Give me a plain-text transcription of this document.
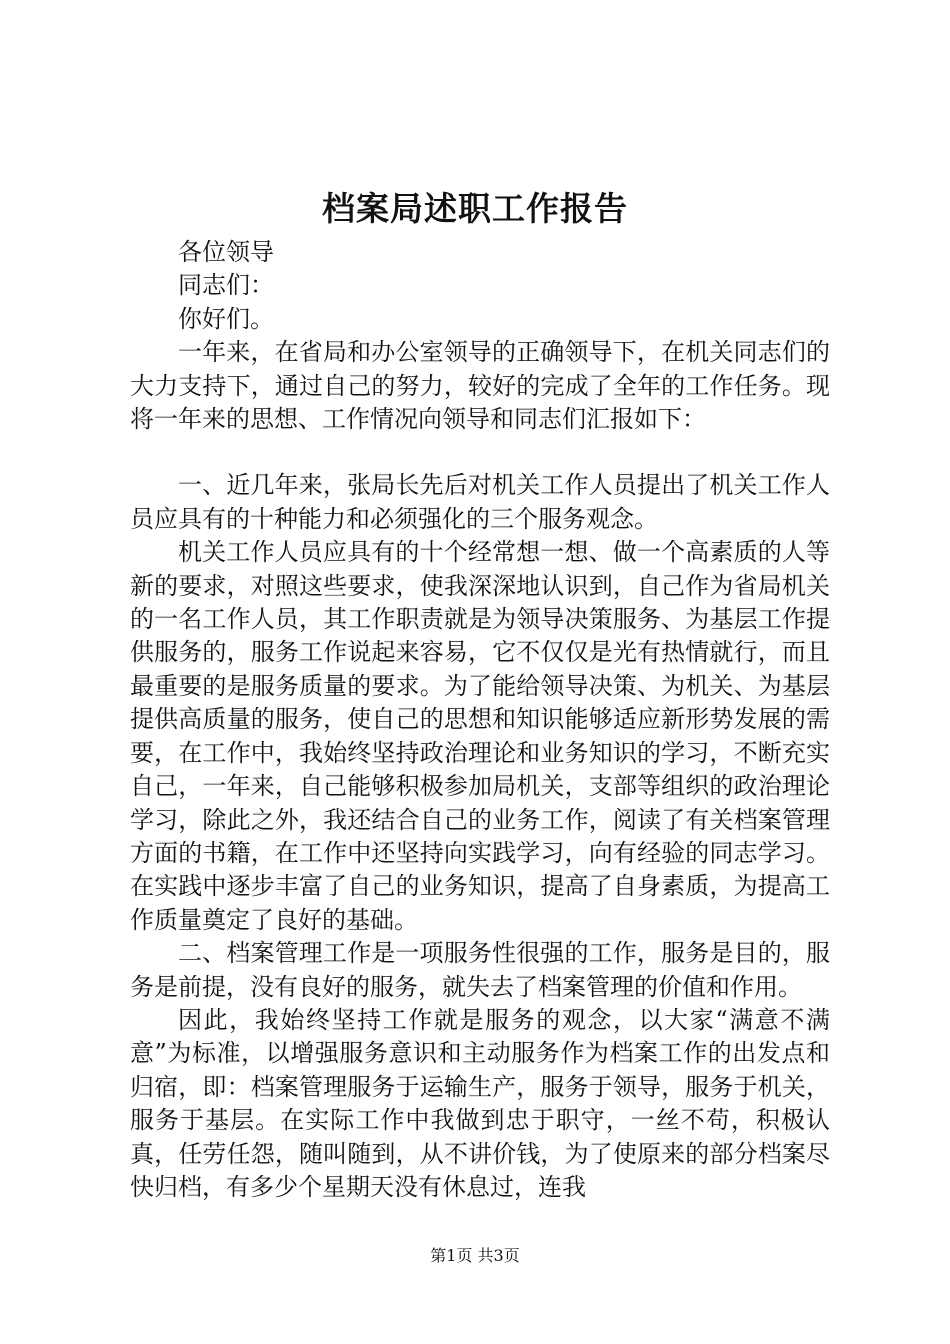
档案局述职工作报告

各位领导

同志们：

你好们。

一年来，在省局和办公室领导的正确领导下，在机关同志们的大力支持下，通过自己的努力，较好的完成了全年的工作任务。现将一年来的思想、工作情况向领导和同志们汇报如下：

一、近几年来，张局长先后对机关工作人员提出了机关工作人员应具有的十种能力和必须强化的三个服务观念。

机关工作人员应具有的十个经常想一想、做一个高素质的人等新的要求，对照这些要求，使我深深地认识到，自己作为省局机关的一名工作人员，其工作职责就是为领导决策服务、为基层工作提供服务的，服务工作说起来容易，它不仅仅是光有热情就行，而且最重要的是服务质量的要求。为了能给领导决策、为机关、为基层提供高质量的服务，使自己的思想和知识能够适应新形势发展的需要，在工作中，我始终坚持政治理论和业务知识的学习，不断充实自己，一年来，自己能够积极参加局机关，支部等组织的政治理论学习，除此之外，我还结合自己的业务工作，阅读了有关档案管理方面的书籍，在工作中还坚持向实践学习，向有经验的同志学习。在实践中逐步丰富了自己的业务知识，提高了自身素质，为提高工作质量奠定了良好的基础。

二、档案管理工作是一项服务性很强的工作，服务是目的，服务是前提，没有良好的服务，就失去了档案管理的价值和作用。

因此，我始终坚持工作就是服务的观念，以大家“满意不满意”为标准，以增强服务意识和主动服务作为档案工作的出发点和归宿，即：档案管理服务于运输生产，服务于领导，服务于机关，服务于基层。在实际工作中我做到忠于职守，一丝不苟，积极认真，任劳任怨，随叫随到，从不讲价钱，为了使原来的部分档案尽快归档，有多少个星期天没有休息过，连我

第1页 共3页
